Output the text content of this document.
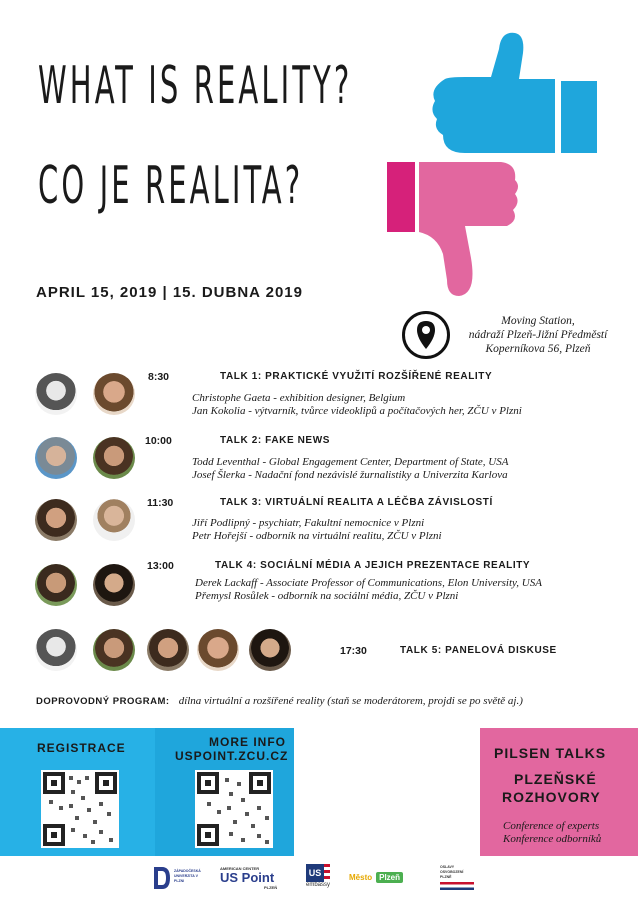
WHAT IS REALITY?
CO JE REALITA?
APRIL 15, 2019 | 15. DUBNA 2019
Moving Station,
nádraží Plzeň-Jižní Předměstí
Koperníkova 56, Plzeň
8:30	TALK 1: PRAKTICKÉ VYUŽITÍ ROZŠÍŘENÉ REALITY
Christophe Gaeta - exhibition designer, Belgium
Jan Kokolia - výtvarník, tvůrce videoklipů a počítačových her, ZČU v Plzni
10:00	TALK 2: FAKE NEWS
Todd Leventhal - Global Engagement Center, Department of State, USA
Josef Šlerka - Nadační fond nezávislé žurnalistiky a Univerzita Karlova
11:30	TALK 3: VIRTUÁLNÍ REALITA A LÉČBA ZÁVISLOSTÍ
Jiří Podlipný - psychiatr, Fakultní nemocnice v Plzni
Petr Hořejší - odborník na virtuální realitu, ZČU v Plzni
13:00	TALK 4: SOCIÁLNÍ MÉDIA A JEJICH PREZENTACE REALITY
Derek Lackaff - Associate Professor of Communications, Elon University, USA
Přemysl Rosůlek - odborník na sociální média, ZČU v Plzni
17:30	TALK 5: PANELOVÁ DISKUSE
DOPROVODNÝ PROGRAM: dílna virtuální a rozšířené reality (staň se moderátorem, projdi se po světě aj.)
REGISTRACE	MORE INFO
USPOINT.ZCU.CZ	PILSEN TALKS
PLZEŇSKÉ
ROZHOVORY
Conference of experts
Konference odborníků
ZÁPADOČESKÁ UNIVERZITA V PLZNI
AMERICAN CENTER
US Point
PLZEŇ
US
embassy
Město Plzeň
OSLAVY OSVOBOZENÍ PLZNĚ
